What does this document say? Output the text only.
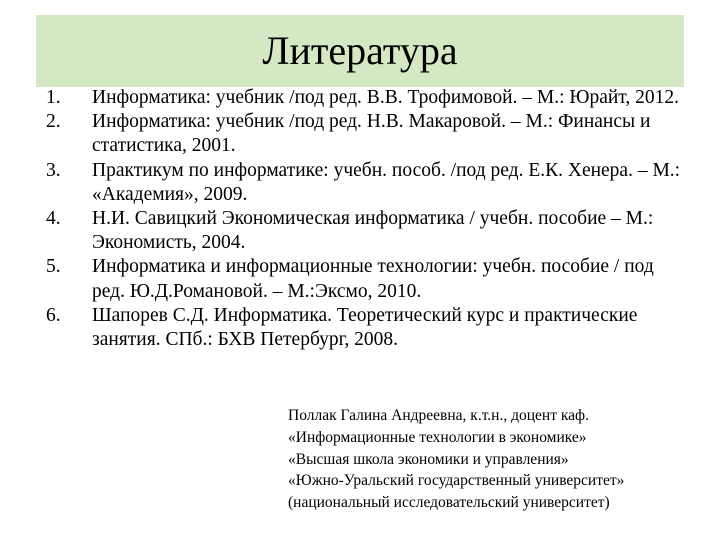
Литература
1.	Информатика: учебник /под ред. В.В. Трофимовой. – М.: Юрайт, 2012.
2.	Информатика: учебник /под ред. Н.В. Макаровой. – М.: Финансы и статистика, 2001.
3.	Практикум по информатике: учебн. пособ. /под ред. Е.К. Хенера. – М.: «Академия», 2009.
4.	Н.И. Савицкий Экономическая информатика / учебн. пособие – М.: Экономисть, 2004.
5.	Информатика и информационные технологии: учебн. пособие / под ред. Ю.Д.Романовой. – М.:Эксмо, 2010.
6.	Шапорев С.Д. Информатика. Теоретический курс и практические занятия. СПб.: БХВ Петербург, 2008.
Поллак Галина Андреевна, к.т.н., доцент каф.
«Информационные технологии в экономике»
«Высшая школа экономики и управления»
«Южно-Уральский государственный университет»
(национальный исследовательский университет)
